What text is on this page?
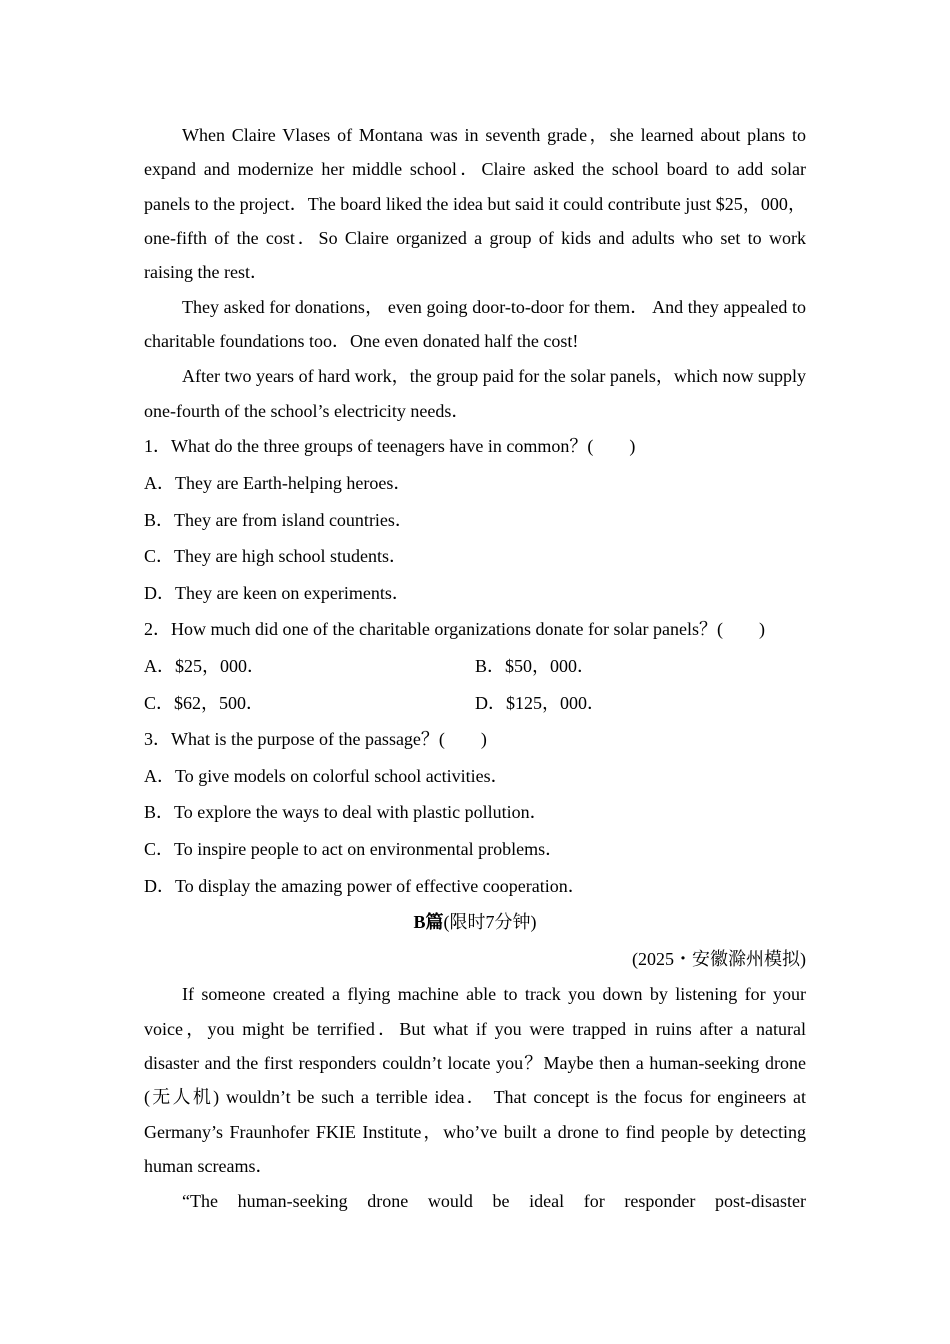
When Claire Vlases of Montana was in seventh grade，she learned about plans to expand and modernize her middle school．Claire asked the school board to add solar panels to the project．The board liked the idea but said it could contribute just $25，000，one-fifth of the cost．So Claire organized a group of kids and adults who set to work raising the rest．

They asked for donations， even going door-to-door for them． And they appealed to charitable foundations too．One even donated half the cost!

After two years of hard work，the group paid for the solar panels，which now supply one-fourth of the school’s electricity needs．

1．What do the three groups of teenagers have in common？(　　)

A．They are Earth-helping heroes．

B．They are from island countries．

C．They are high school students．

D．They are keen on experiments．

2．How much did one of the charitable organizations donate for solar panels？(　　)

A．$25，000．	B．$50，000．
C．$62，500．	D．$125，000．

3．What is the purpose of the passage？(　　)

A．To give models on colorful school activities．

B．To explore the ways to deal with plastic pollution．

C．To inspire people to act on environmental problems．

D．To display the amazing power of effective cooperation．

B篇(限时7分钟)

(2025・安徽滁州模拟)

If someone created a flying machine able to track you down by listening for your voice，you might be terrified．But what if you were trapped in ruins after a natural disaster and the first responders couldn’t locate you？Maybe then a human-seeking drone (无人机) wouldn’t be such a terrible idea． That concept is the focus for engineers at Germany’s Fraunhofer FKIE Institute，who’ve built a drone to find people by detecting human screams．

“The human-seeking drone would be ideal for responder post-disaster
